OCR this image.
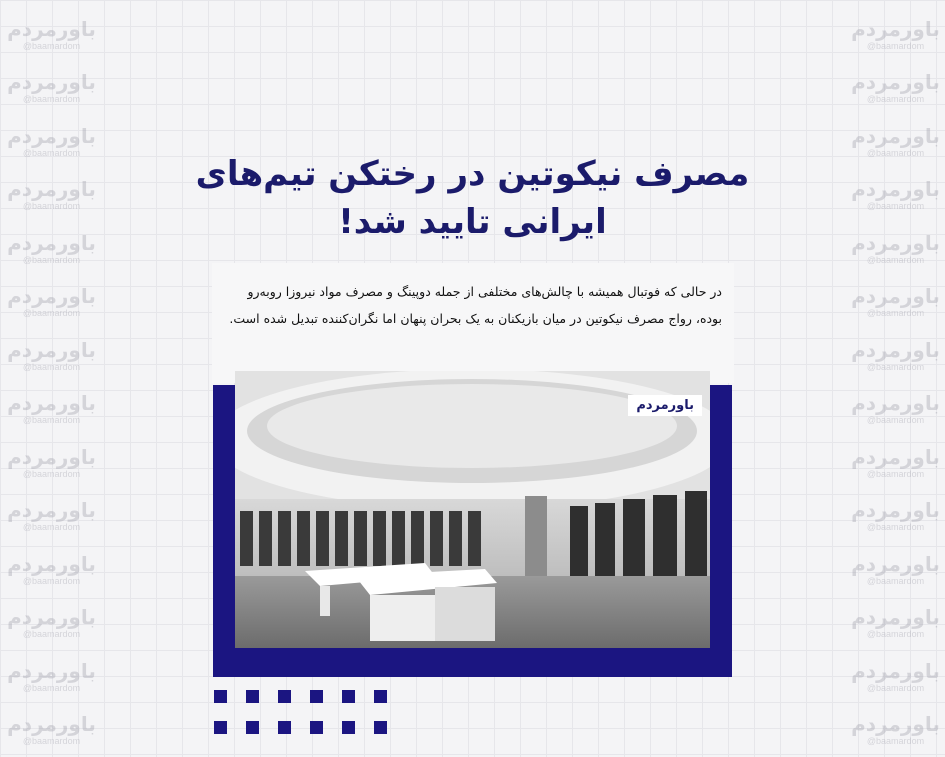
باورمردم
@baamardom
باورمردم
@baamardom
باورمردم
@baamardom
باورمردم
@baamardom
باورمردم
@baamardom
باورمردم
@baamardom
باورمردم
@baamardom
باورمردم
@baamardom
باورمردم
@baamardom
باورمردم
@baamardom
باورمردم
@baamardom
باورمردم
@baamardom
باورمردم
@baamardom
باورمردم
@baamardom
باورمردم
@baamardom
باورمردم
@baamardom
باورمردم
@baamardom
باورمردم
@baamardom
باورمردم
@baamardom
باورمردم
@baamardom
باورمردم
@baamardom
باورمردم
@baamardom
باورمردم
@baamardom
باورمردم
@baamardom
باورمردم
@baamardom
باورمردم
@baamardom
باورمردم
@baamardom
باورمردم
@baamardom
مصرف نیکوتین در رختکن تیم‌های
ایرانی تایید شد!

در حالی که فوتبال همیشه با چالش‌های مختلفی از جمله دوپینگ و مصرف مواد نیروزا روبه‌رو بوده، رواج مصرف نیکوتین در میان بازیکنان به یک بحران پنهان اما نگران‌کننده تبدیل شده است.

باورمردم
